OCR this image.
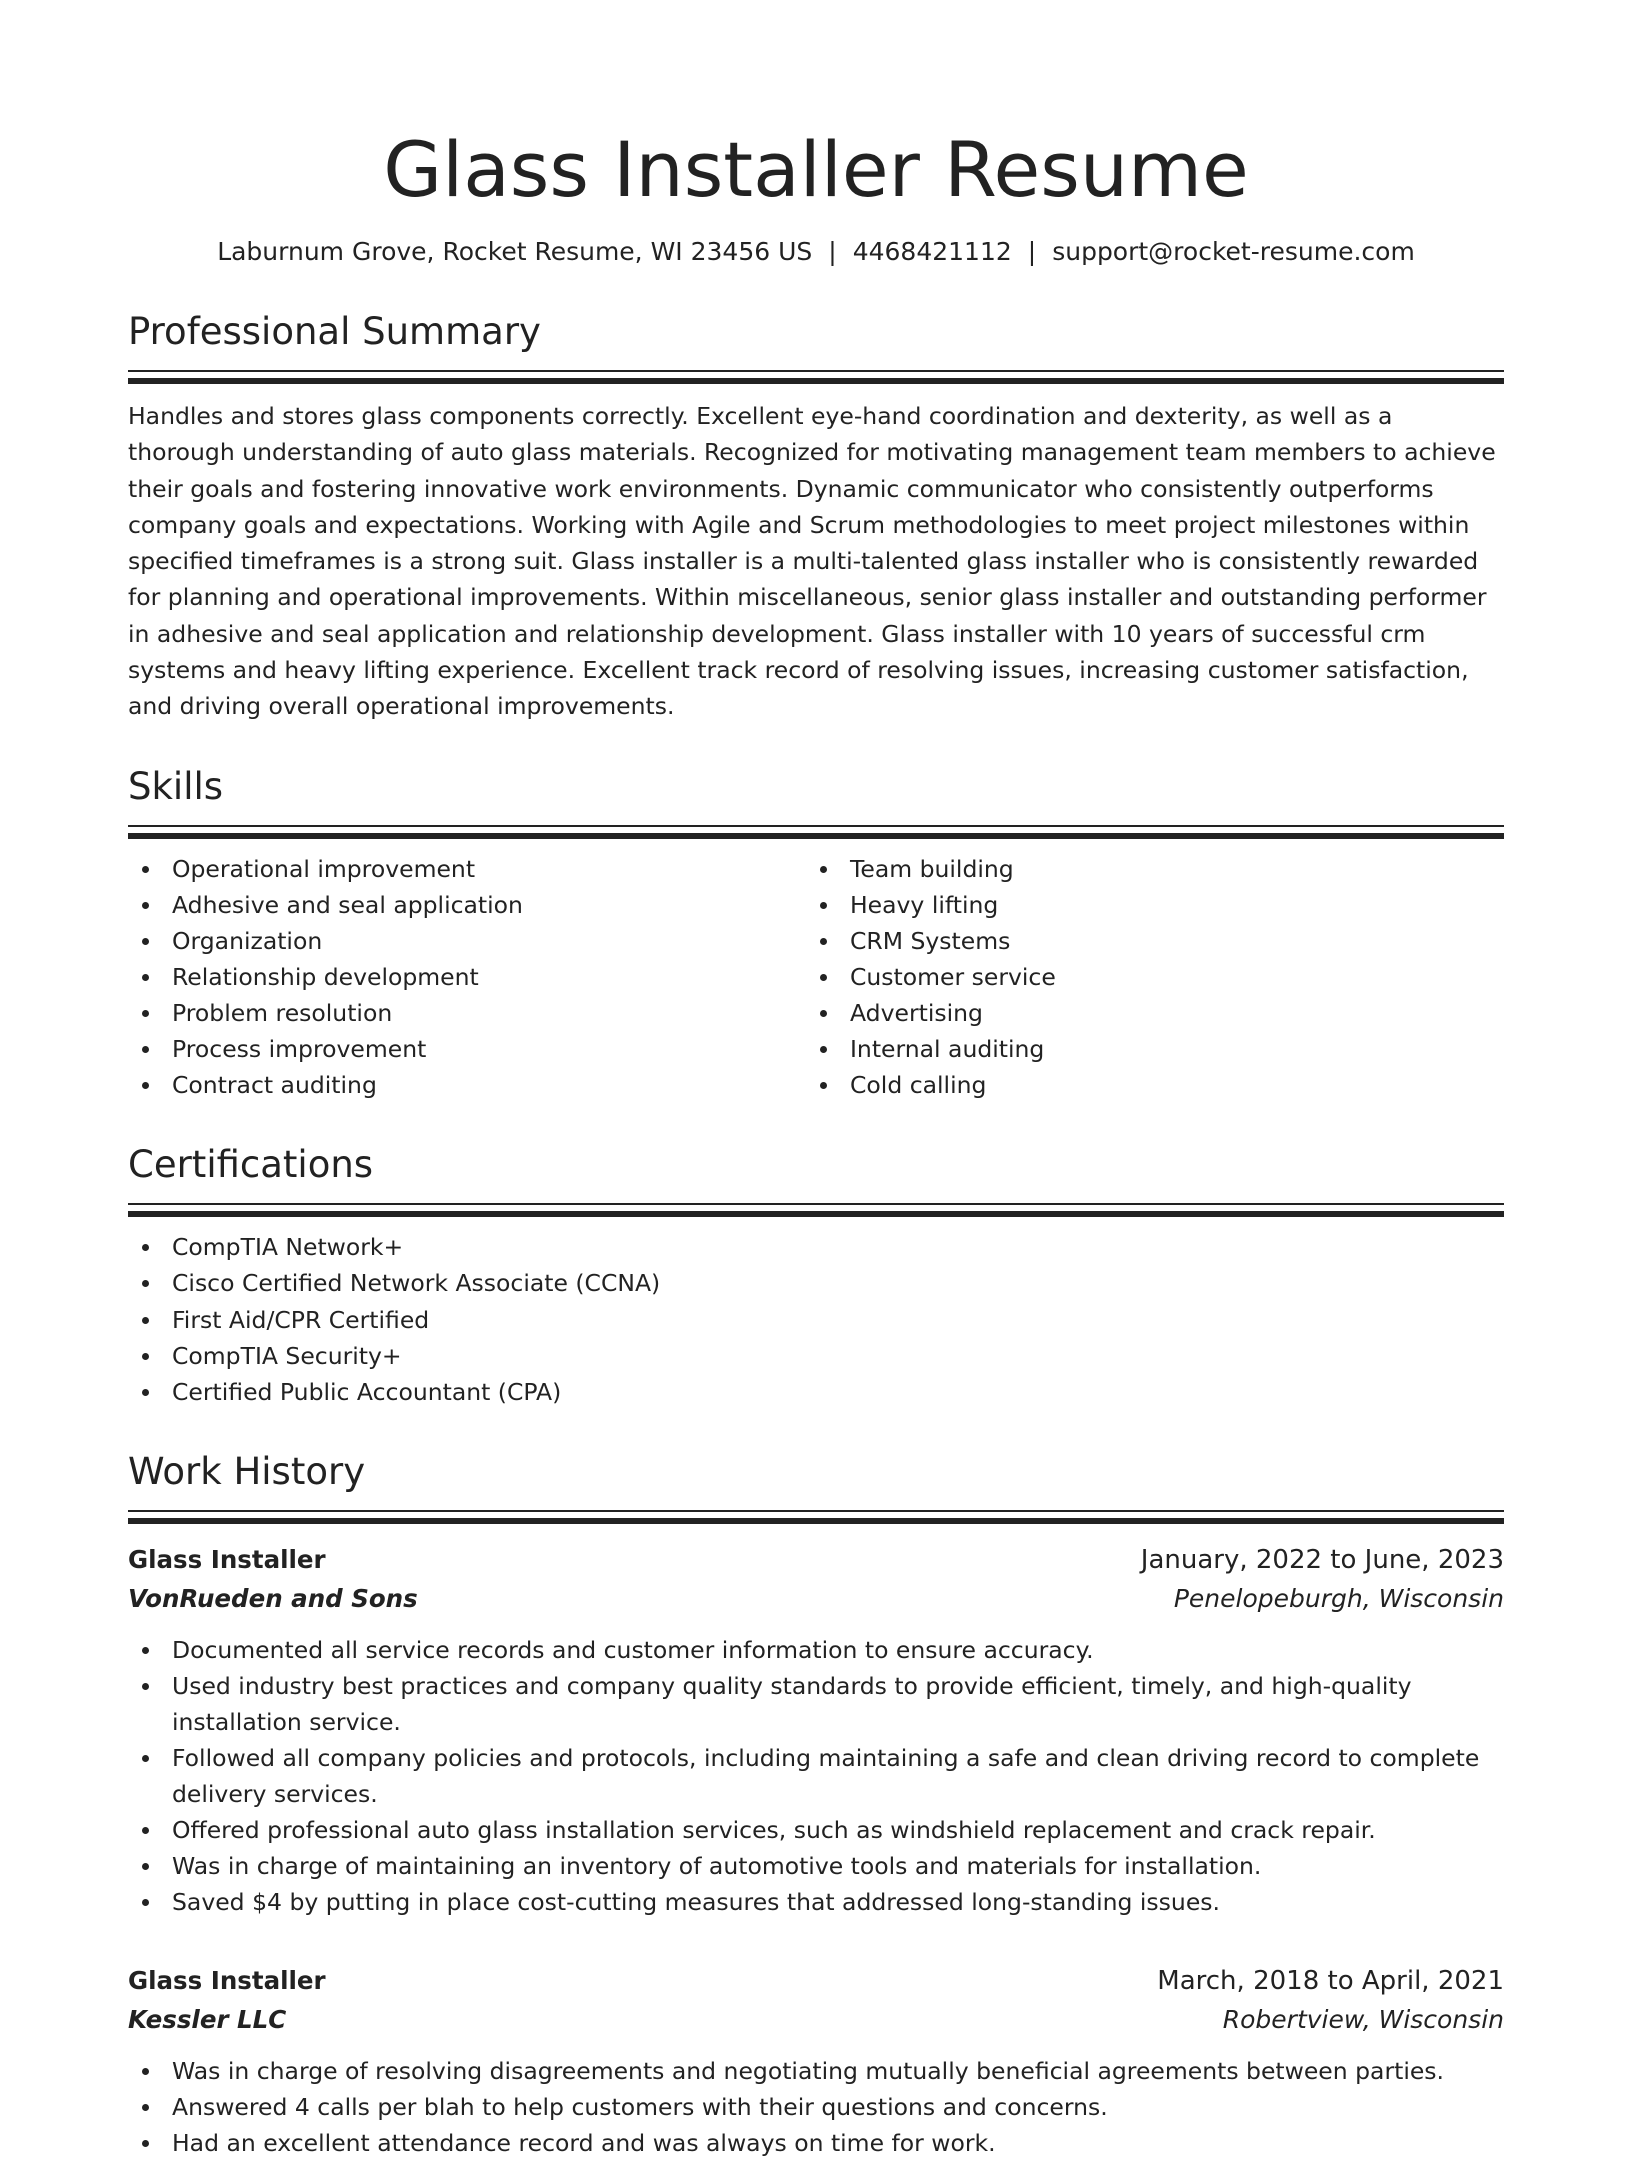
Glass Installer Resume
Laburnum Grove, Rocket Resume, WI 23456 US | 4468421112 | support@rocket-resume.com
Professional Summary

Handles and stores glass components correctly. Excellent eye-hand coordination and dexterity, as well as a thorough understanding of auto glass materials. Recognized for motivating management team members to achieve their goals and fostering innovative work environments. Dynamic communicator who consistently outperforms company goals and expectations. Working with Agile and Scrum methodologies to meet project milestones within specified timeframes is a strong suit. Glass installer is a multi-talented glass installer who is consistently rewarded for planning and operational improvements. Within miscellaneous, senior glass installer and outstanding performer in adhesive and seal application and relationship development. Glass installer with 10 years of successful crm systems and heavy lifting experience. Excellent track record of resolving issues, increasing customer satisfaction, and driving overall operational improvements.

Skills
Operational improvement
Adhesive and seal application
Organization
Relationship development
Problem resolution
Process improvement
Contract auditing
Team building
Heavy lifting
CRM Systems
Customer service
Advertising
Internal auditing
Cold calling
Certifications
CompTIA Network+
Cisco Certified Network Associate (CCNA)
First Aid/CPR Certified
CompTIA Security+
Certified Public Accountant (CPA)
Work History
Glass Installer	January, 2022 to June, 2023
VonRueden and Sons	Penelopeburgh, Wisconsin
Documented all service records and customer information to ensure accuracy.
Used industry best practices and company quality standards to provide efficient, timely, and high-quality installation service.
Followed all company policies and protocols, including maintaining a safe and clean driving record to complete delivery services.
Offered professional auto glass installation services, such as windshield replacement and crack repair.
Was in charge of maintaining an inventory of automotive tools and materials for installation.
Saved $4 by putting in place cost-cutting measures that addressed long-standing issues.
Glass Installer	March, 2018 to April, 2021
Kessler LLC	Robertview, Wisconsin
Was in charge of resolving disagreements and negotiating mutually beneficial agreements between parties.
Answered 4 calls per blah to help customers with their questions and concerns.
Had an excellent attendance record and was always on time for work.
